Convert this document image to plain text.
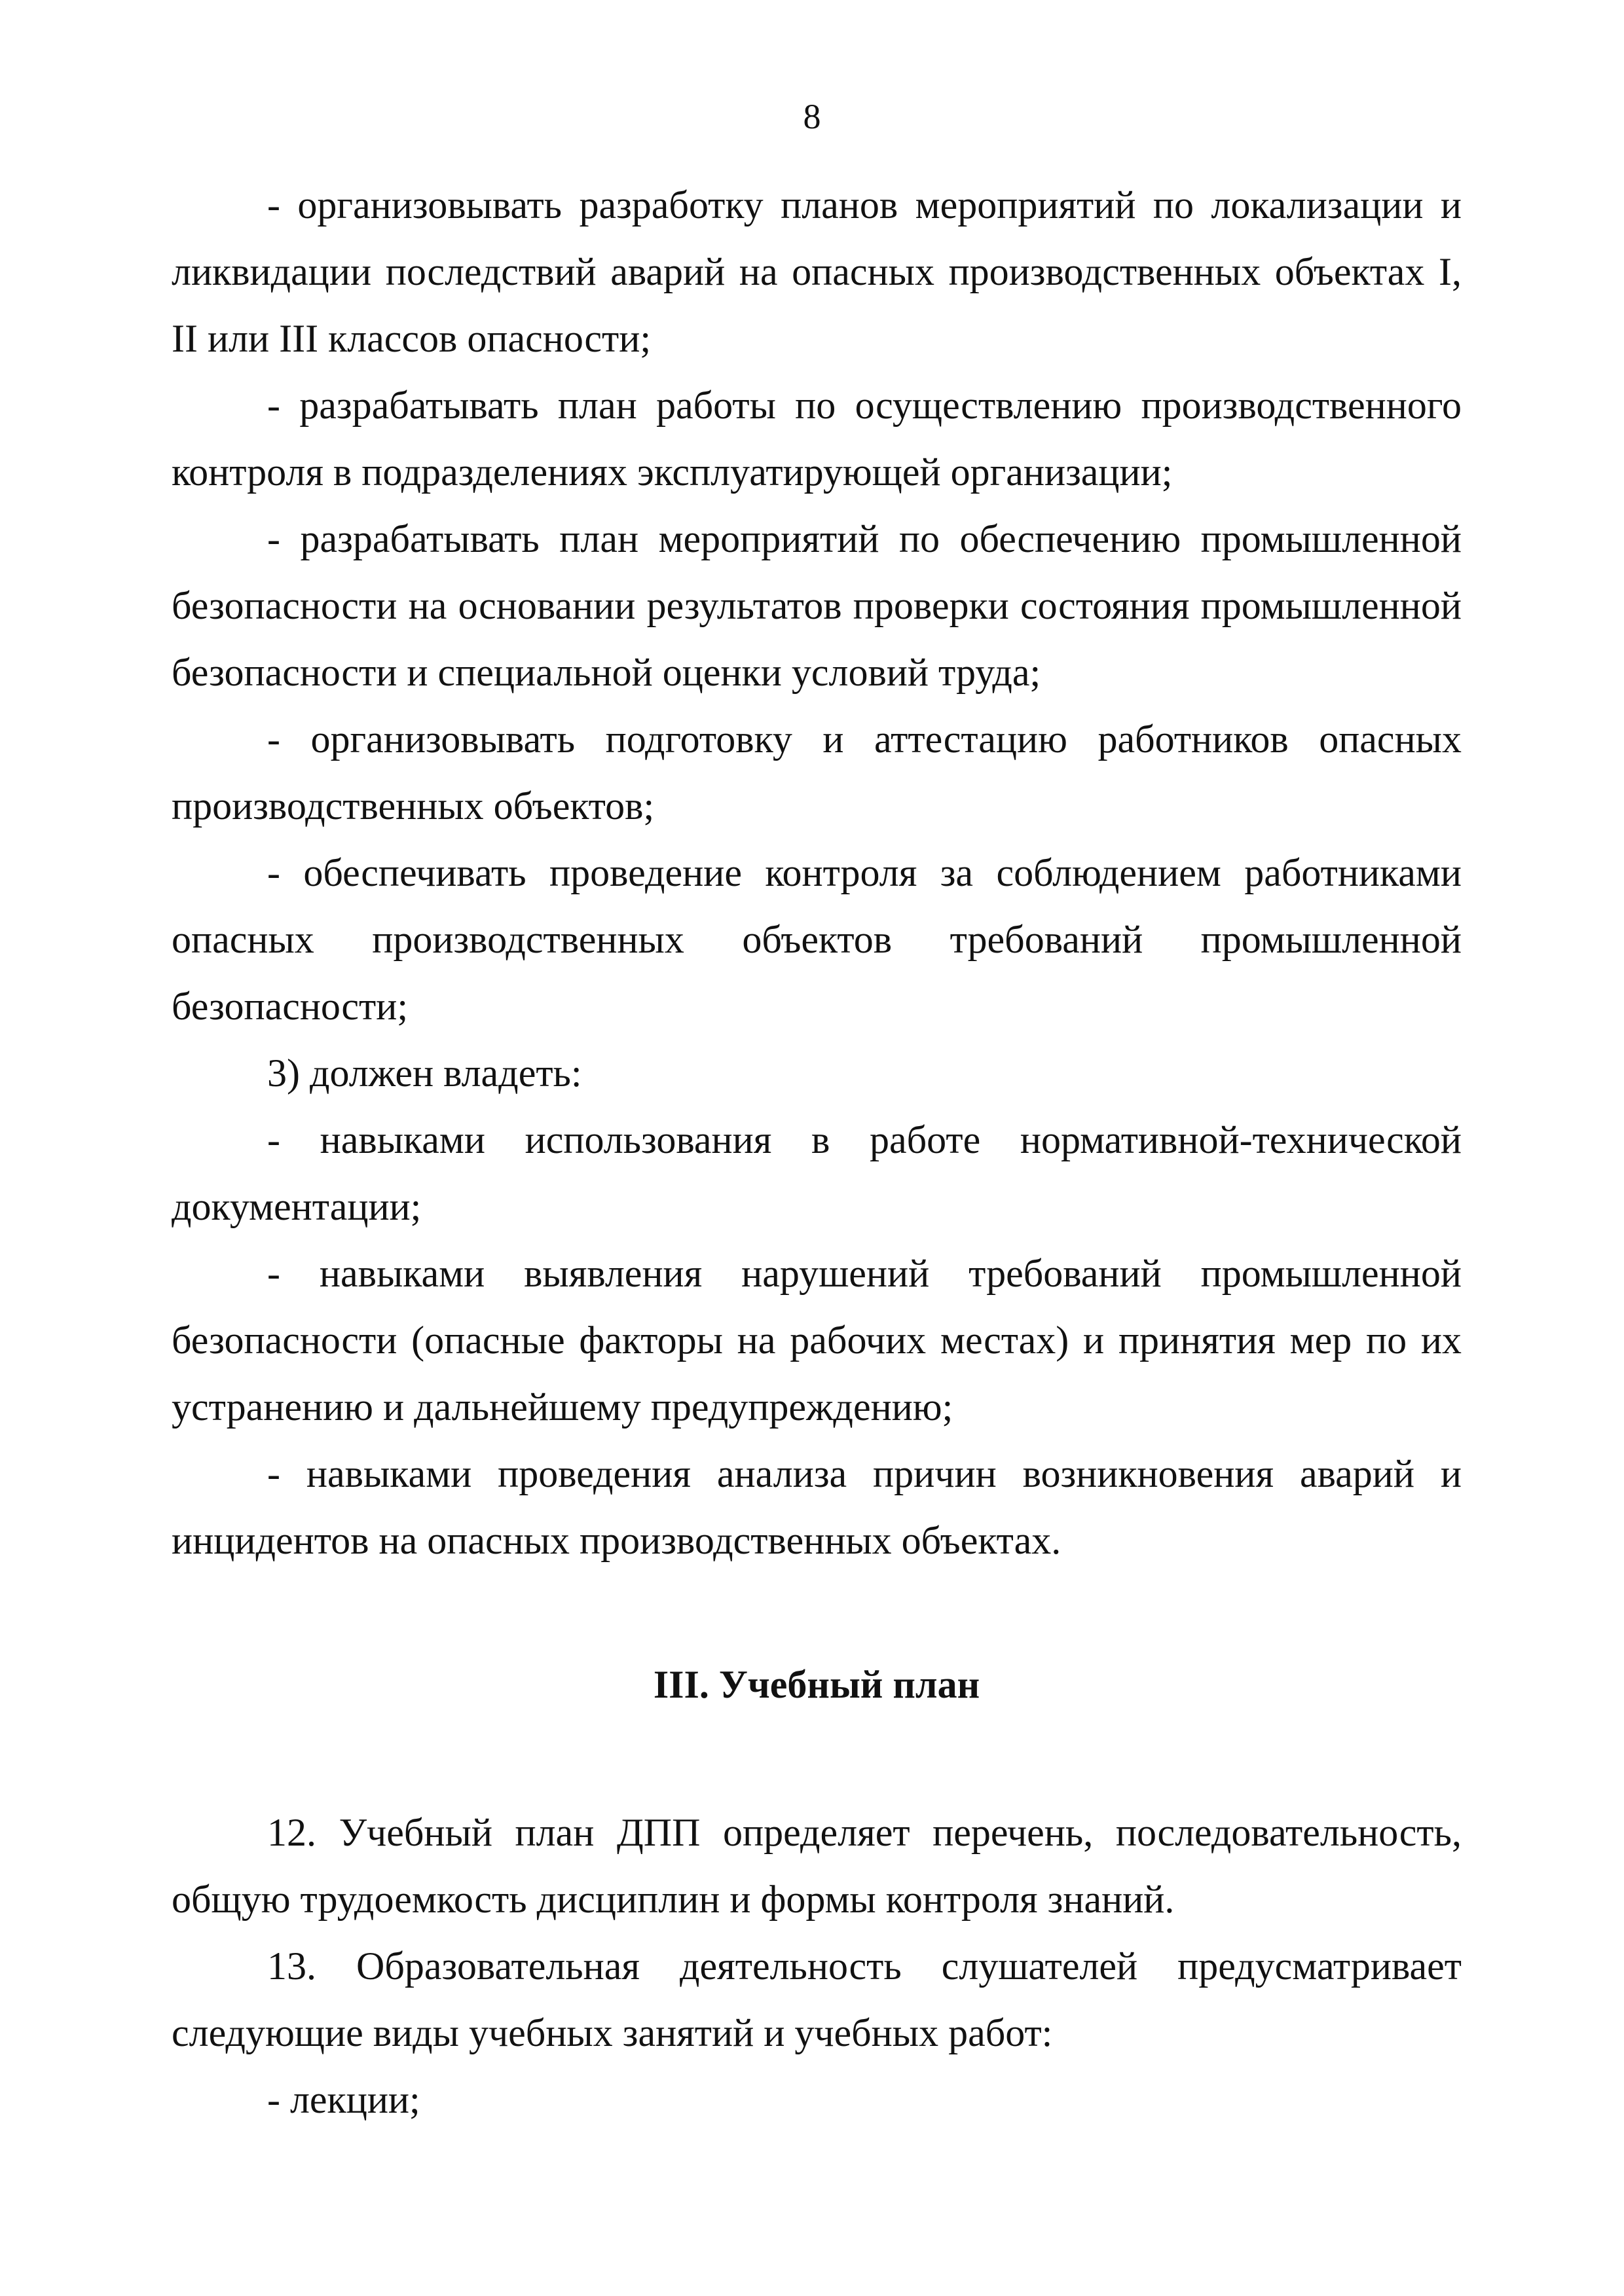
8

- организовывать разработку планов мероприятий по локализации и ликвидации последствий аварий на опасных производственных объектах I, II или III классов опасности;

- разрабатывать план работы по осуществлению производственного контроля в подразделениях эксплуатирующей организации;

- разрабатывать план мероприятий по обеспечению промышленной безопасности на основании результатов проверки состояния промышленной безопасности и специальной оценки условий труда;

- организовывать подготовку и аттестацию работников опасных производственных объектов;

- обеспечивать проведение контроля за соблюдением работниками опасных производственных объектов требований промышленной безопасности;

3) должен владеть:

- навыками использования в работе нормативной-технической документации;

- навыками выявления нарушений требований промышленной безопасности (опасные факторы на рабочих местах) и принятия мер по их устранению и дальнейшему предупреждению;

- навыками проведения анализа причин возникновения аварий и инцидентов на опасных производственных объектах.

III. Учебный план

12. Учебный план ДПП определяет перечень, последовательность, общую трудоемкость дисциплин и формы контроля знаний.

13. Образовательная деятельность слушателей предусматривает следующие виды учебных занятий и учебных работ:

- лекции;
